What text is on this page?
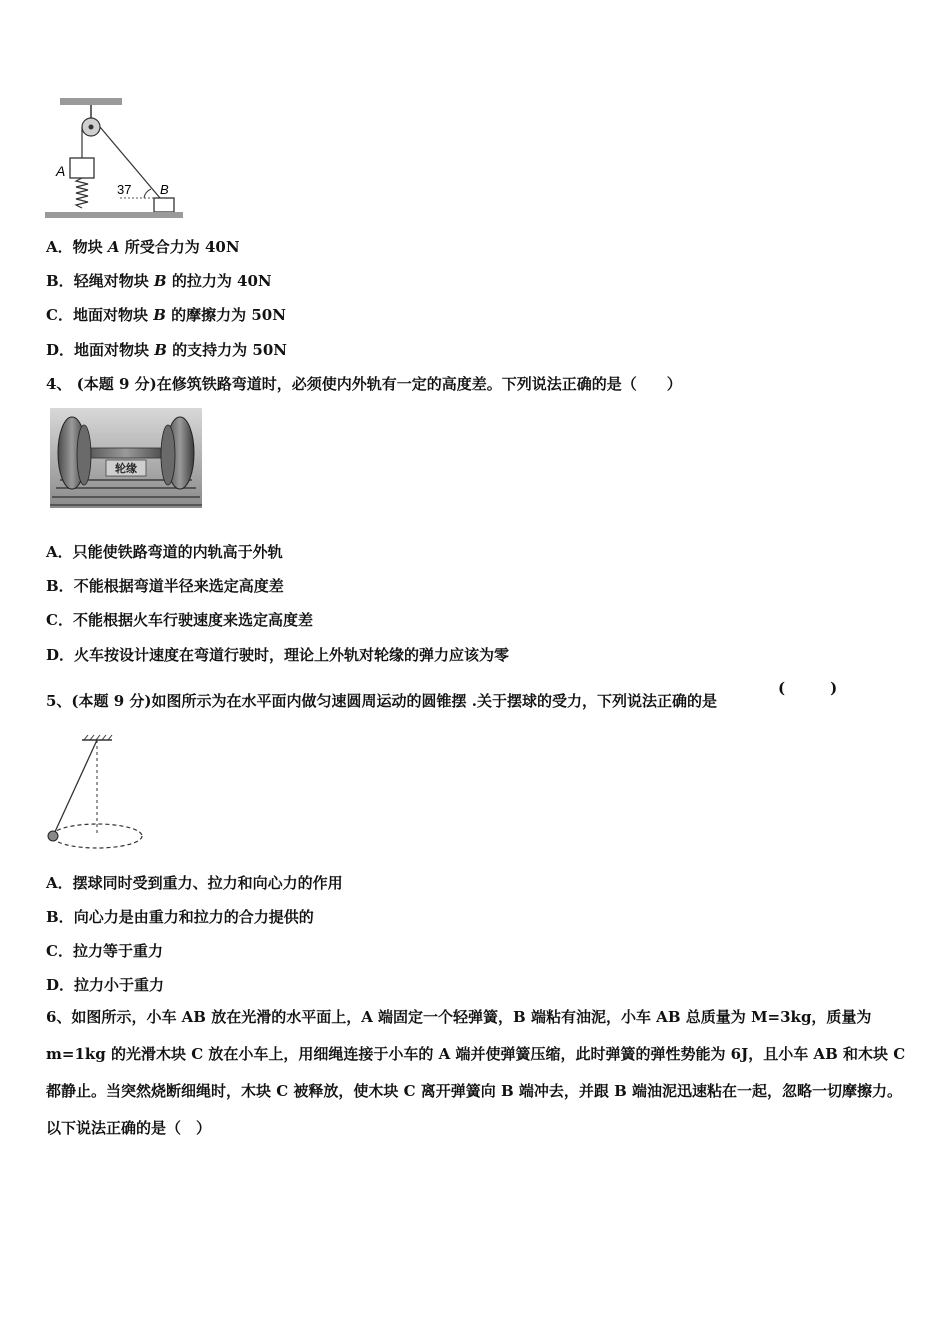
A
B
37
A．物块 A 所受合力为 40N
B．轻绳对物块 B 的拉力为 40N
C．地面对物块 B 的摩擦力为 50N
D．地面对物块 B 的支持力为 50N
4、 (本题 9 分)在修筑铁路弯道时，必须使内外轨有一定的高度差。下列说法正确的是（　　）
轮缘
A．只能使铁路弯道的内轨高于外轨
B．不能根据弯道半径来选定高度差
C．不能根据火车行驶速度来选定高度差
D．火车按设计速度在弯道行驶时，理论上外轨对轮缘的弹力应该为零
5、(本题 9 分)如图所示为在水平面内做匀速圆周运动的圆锥摆 .关于摆球的受力，下列说法正确的是
(　　　)
A．摆球同时受到重力、拉力和向心力的作用
B．向心力是由重力和拉力的合力提供的
C．拉力等于重力
D．拉力小于重力
6、如图所示，小车 AB 放在光滑的水平面上，A 端固定一个轻弹簧，B 端粘有油泥，小车 AB 总质量为 M=3kg，质量为 m=1kg 的光滑木块 C 放在小车上，用细绳连接于小车的 A 端并使弹簧压缩，此时弹簧的弹性势能为 6J，且小车 AB 和木块 C 都静止。当突然烧断细绳时，木块 C 被释放，使木块 C 离开弹簧向 B 端冲去，并跟 B 端油泥迅速粘在一起，忽略一切摩擦力。以下说法正确的是（　）
